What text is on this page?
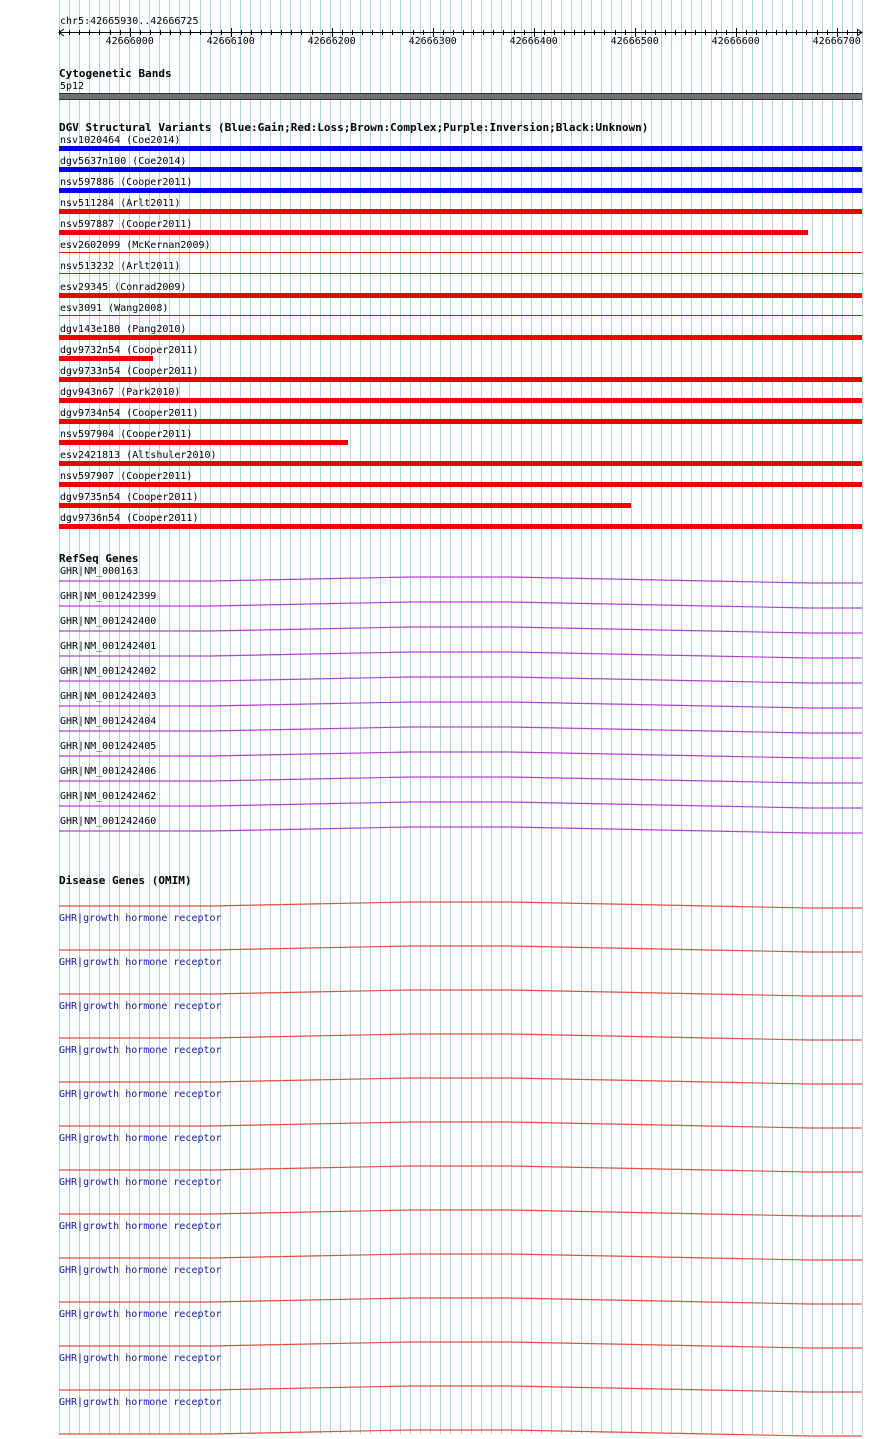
chr5:42665930..42666725
42666000	42666100	42666200	42666300	42666400	42666500	42666600	42666700
Cytogenetic Bands
5p12
DGV Structural Variants (Blue:Gain;Red:Loss;Brown:Complex;Purple:Inversion;Black:Unknown)
nsv1020464 (Coe2014)
dgv5637n100 (Coe2014)
nsv597886 (Cooper2011)
nsv511284 (Arlt2011)
nsv597887 (Cooper2011)
esv2602099 (McKernan2009)
nsv513232 (Arlt2011)
esv29345 (Conrad2009)
esv3091 (Wang2008)
dgv143e180 (Pang2010)
dgv9732n54 (Cooper2011)
dgv9733n54 (Cooper2011)
dgv943n67 (Park2010)
dgv9734n54 (Cooper2011)
nsv597904 (Cooper2011)
esv2421813 (Altshuler2010)
nsv597907 (Cooper2011)
dgv9735n54 (Cooper2011)
dgv9736n54 (Cooper2011)
RefSeq Genes
GHR|NM_000163
GHR|NM_001242399
GHR|NM_001242400
GHR|NM_001242401
GHR|NM_001242402
GHR|NM_001242403
GHR|NM_001242404
GHR|NM_001242405
GHR|NM_001242406
GHR|NM_001242462
GHR|NM_001242460
Disease Genes (OMIM)
GHR|growth hormone receptor
GHR|growth hormone receptor
GHR|growth hormone receptor
GHR|growth hormone receptor
GHR|growth hormone receptor
GHR|growth hormone receptor
GHR|growth hormone receptor
GHR|growth hormone receptor
GHR|growth hormone receptor
GHR|growth hormone receptor
GHR|growth hormone receptor
GHR|growth hormone receptor
